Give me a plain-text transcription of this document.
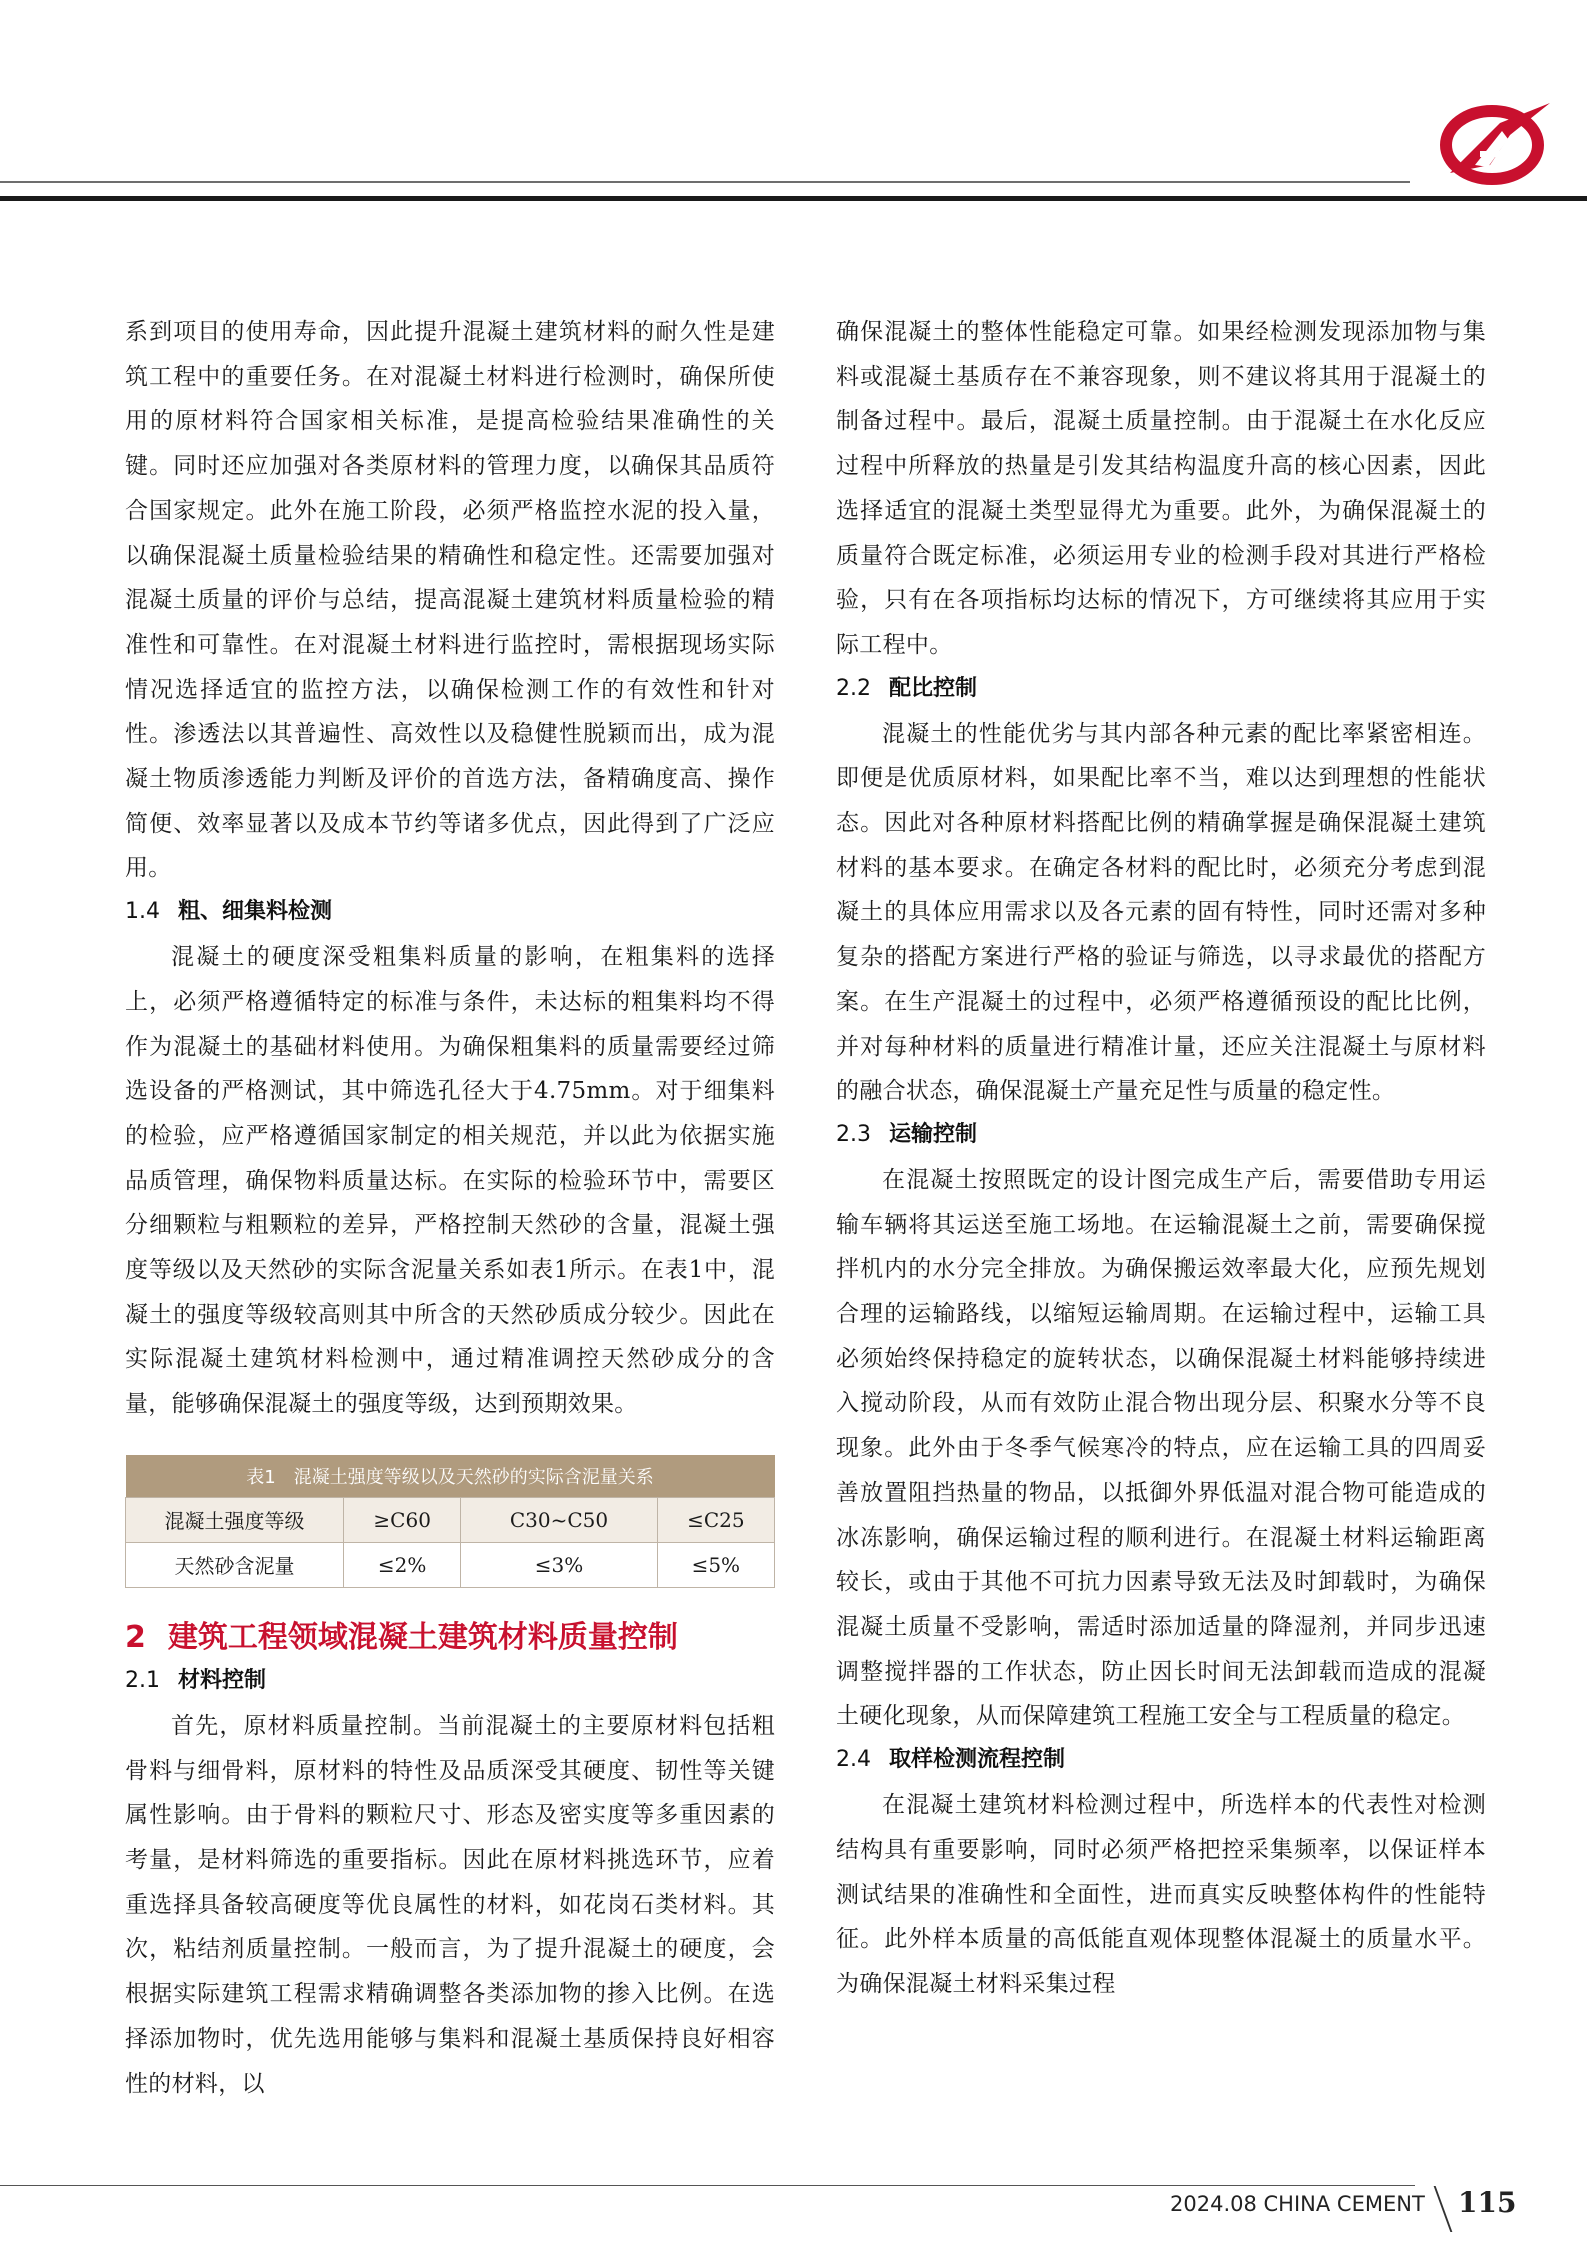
系到项目的使用寿命，因此提升混凝土建筑材料的耐久性是建筑工程中的重要任务。在对混凝土材料进行检测时，确保所使用的原材料符合国家相关标准，是提高检验结果准确性的关键。同时还应加强对各类原材料的管理力度，以确保其品质符合国家规定。此外在施工阶段，必须严格监控水泥的投入量，以确保混凝土质量检验结果的精确性和稳定性。还需要加强对混凝土质量的评价与总结，提高混凝土建筑材料质量检验的精准性和可靠性。在对混凝土材料进行监控时，需根据现场实际情况选择适宜的监控方法，以确保检测工作的有效性和针对性。渗透法以其普遍性、高效性以及稳健性脱颖而出，成为混凝土物质渗透能力判断及评价的首选方法，备精确度高、操作简便、效率显著以及成本节约等诸多优点，因此得到了广泛应用。

1.4 粗、细集料检测

混凝土的硬度深受粗集料质量的影响，在粗集料的选择上，必须严格遵循特定的标准与条件，未达标的粗集料均不得作为混凝土的基础材料使用。为确保粗集料的质量需要经过筛选设备的严格测试，其中筛选孔径大于4.75mm。对于细集料的检验，应严格遵循国家制定的相关规范，并以此为依据实施品质管理，确保物料质量达标。在实际的检验环节中，需要区分细颗粒与粗颗粒的差异，严格控制天然砂的含量，混凝土强度等级以及天然砂的实际含泥量关系如表1所示。在表1中，混凝土的强度等级较高则其中所含的天然砂质成分较少。因此在实际混凝土建筑材料检测中，通过精准调控天然砂成分的含量，能够确保混凝土的强度等级，达到预期效果。

表1　混凝土强度等级以及天然砂的实际含泥量关系			
混凝土强度等级	≥C60	C30~C50	≤C25
天然砂含泥量	≤2%	≤3%	≤5%
2 建筑工程领域混凝土建筑材料质量控制
2.1 材料控制

首先，原材料质量控制。当前混凝土的主要原材料包括粗骨料与细骨料，原材料的特性及品质深受其硬度、韧性等关键属性影响。由于骨料的颗粒尺寸、形态及密实度等多重因素的考量，是材料筛选的重要指标。因此在原材料挑选环节，应着重选择具备较高硬度等优良属性的材料，如花岗石类材料。其次，粘结剂质量控制。一般而言，为了提升混凝土的硬度，会根据实际建筑工程需求精确调整各类添加物的掺入比例。在选择添加物时，优先选用能够与集料和混凝土基质保持良好相容性的材料，以

确保混凝土的整体性能稳定可靠。如果经检测发现添加物与集料或混凝土基质存在不兼容现象，则不建议将其用于混凝土的制备过程中。最后，混凝土质量控制。由于混凝土在水化反应过程中所释放的热量是引发其结构温度升高的核心因素，因此选择适宜的混凝土类型显得尤为重要。此外，为确保混凝土的质量符合既定标准，必须运用专业的检测手段对其进行严格检验，只有在各项指标均达标的情况下，方可继续将其应用于实际工程中。

2.2 配比控制

混凝土的性能优劣与其内部各种元素的配比率紧密相连。即便是优质原材料，如果配比率不当，难以达到理想的性能状态。因此对各种原材料搭配比例的精确掌握是确保混凝土建筑材料的基本要求。在确定各材料的配比时，必须充分考虑到混凝土的具体应用需求以及各元素的固有特性，同时还需对多种复杂的搭配方案进行严格的验证与筛选，以寻求最优的搭配方案。在生产混凝土的过程中，必须严格遵循预设的配比比例，并对每种材料的质量进行精准计量，还应关注混凝土与原材料的融合状态，确保混凝土产量充足性与质量的稳定性。

2.3 运输控制

在混凝土按照既定的设计图完成生产后，需要借助专用运输车辆将其运送至施工场地。在运输混凝土之前，需要确保搅拌机内的水分完全排放。为确保搬运效率最大化，应预先规划合理的运输路线，以缩短运输周期。在运输过程中，运输工具必须始终保持稳定的旋转状态，以确保混凝土材料能够持续进入搅动阶段，从而有效防止混合物出现分层、积聚水分等不良现象。此外由于冬季气候寒冷的特点，应在运输工具的四周妥善放置阻挡热量的物品，以抵御外界低温对混合物可能造成的冰冻影响，确保运输过程的顺利进行。在混凝土材料运输距离较长，或由于其他不可抗力因素导致无法及时卸载时，为确保混凝土质量不受影响，需适时添加适量的降湿剂，并同步迅速调整搅拌器的工作状态，防止因长时间无法卸载而造成的混凝土硬化现象，从而保障建筑工程施工安全与工程质量的稳定。

2.4 取样检测流程控制

在混凝土建筑材料检测过程中，所选样本的代表性对检测结构具有重要影响，同时必须严格把控采集频率，以保证样本测试结果的准确性和全面性，进而真实反映整体构件的性能特征。此外样本质量的高低能直观体现整体混凝土的质量水平。为确保混凝土材料采集过程

2024.08 CHINA CEMENT 115
